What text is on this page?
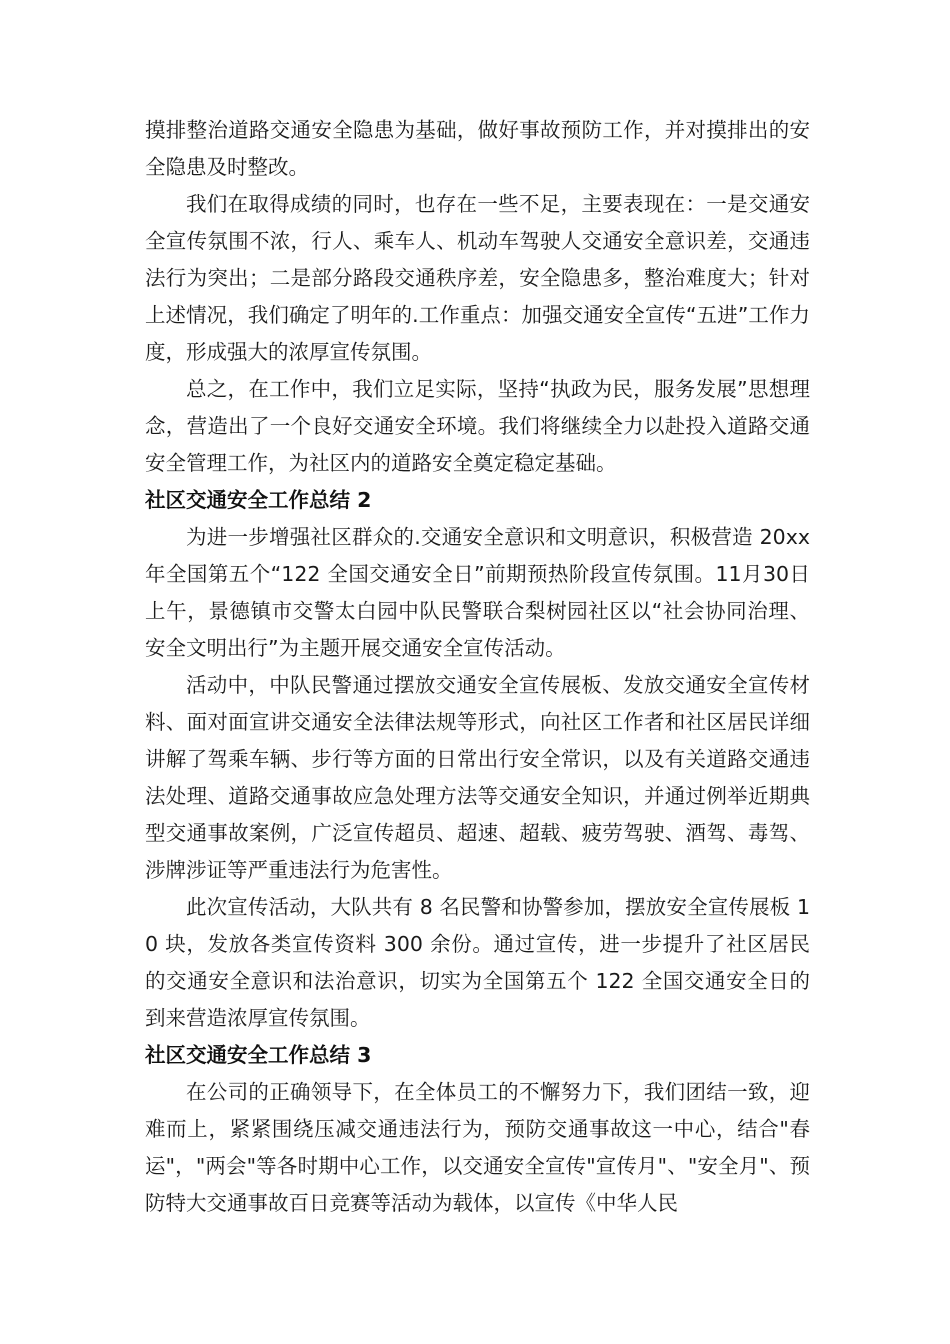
摸排整治道路交通安全隐患为基础，做好事故预防工作，并对摸排出的安全隐患及时整改。

我们在取得成绩的同时，也存在一些不足，主要表现在：一是交通安全宣传氛围不浓，行人、乘车人、机动车驾驶人交通安全意识差，交通违法行为突出；二是部分路段交通秩序差，安全隐患多，整治难度大；针对上述情况，我们确定了明年的.工作重点：加强交通安全宣传“五进”工作力度，形成强大的浓厚宣传氛围。

总之，在工作中，我们立足实际，坚持“执政为民，服务发展”思想理念，营造出了一个良好交通安全环境。我们将继续全力以赴投入道路交通安全管理工作，为社区内的道路安全奠定稳定基础。

社区交通安全工作总结 2

为进一步增强社区群众的.交通安全意识和文明意识，积极营造 20xx 年全国第五个“122 全国交通安全日”前期预热阶段宣传氛围。11月30日上午，景德镇市交警太白园中队民警联合梨树园社区以“社会协同治理、安全文明出行”为主题开展交通安全宣传活动。

活动中，中队民警通过摆放交通安全宣传展板、发放交通安全宣传材料、面对面宣讲交通安全法律法规等形式，向社区工作者和社区居民详细讲解了驾乘车辆、步行等方面的日常出行安全常识，以及有关道路交通违法处理、道路交通事故应急处理方法等交通安全知识，并通过例举近期典型交通事故案例，广泛宣传超员、超速、超载、疲劳驾驶、酒驾、毒驾、涉牌涉证等严重违法行为危害性。

此次宣传活动，大队共有 8 名民警和协警参加，摆放安全宣传展板 10 块，发放各类宣传资料 300 余份。通过宣传，进一步提升了社区居民的交通安全意识和法治意识，切实为全国第五个 122 全国交通安全日的到来营造浓厚宣传氛围。

社区交通安全工作总结 3

在公司的正确领导下，在全体员工的不懈努力下，我们团结一致，迎难而上，紧紧围绕压减交通违法行为，预防交通事故这一中心，结合"春运"，"两会"等各时期中心工作，以交通安全宣传"宣传月"、"安全月"、预防特大交通事故百日竞赛等活动为载体，以宣传《中华人民
